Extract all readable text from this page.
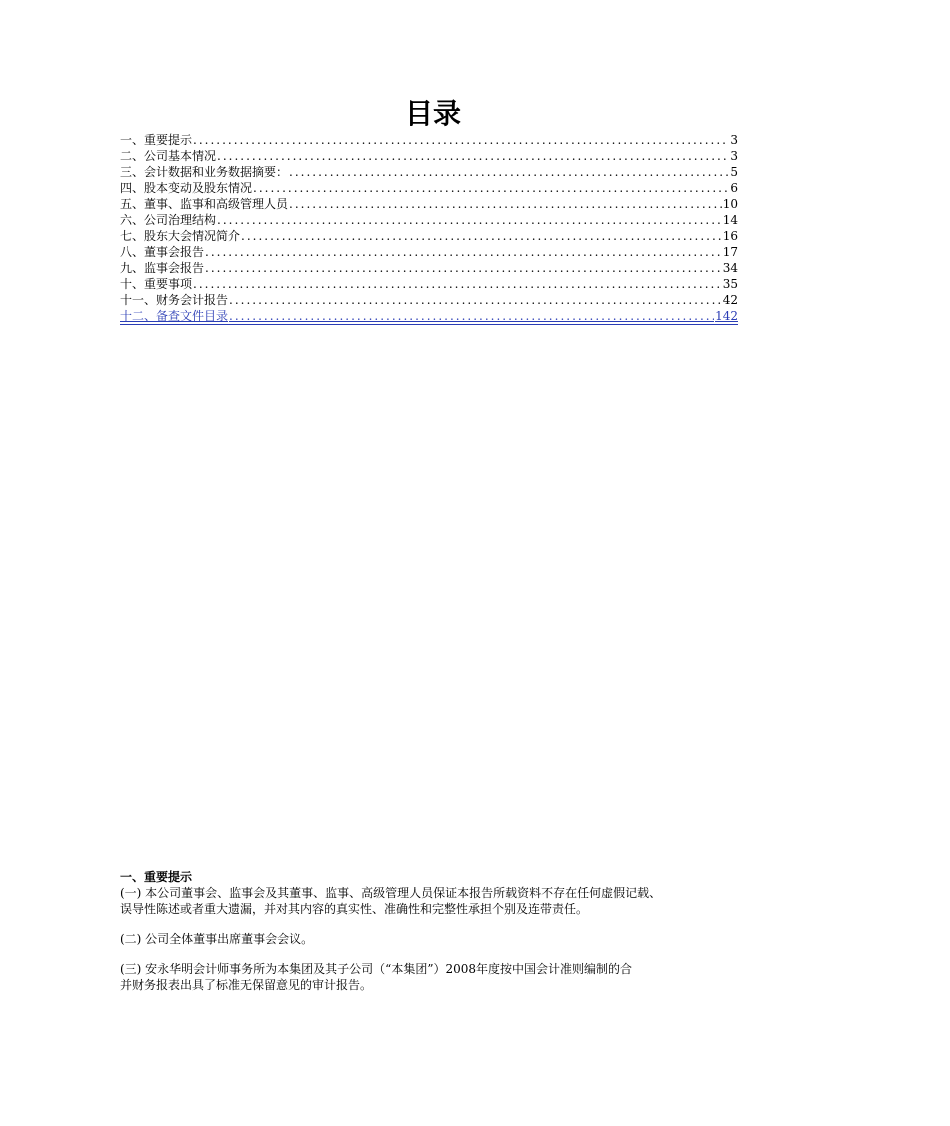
目录
一、重要提示 .....	3
二、公司基本情况 .....	3
三、会计数据和业务数据摘要： .....	5
四、股本变动及股东情况 .....	6
五、董事、监事和高级管理人员 .....	10
六、公司治理结构 .....	14
七、股东大会情况简介 .....	16
八、董事会报告 .....	17
九、监事会报告 .....	34
十、重要事项 .....	35
十一、财务会计报告 .....	42
十二、备查文件目录 .....	142
一、重要提示

(一) 本公司董事会、监事会及其董事、监事、高级管理人员保证本报告所载资料不存在任何虚假记载、
误导性陈述或者重大遗漏，并对其内容的真实性、准确性和完整性承担个别及连带责任。

(二) 公司全体董事出席董事会会议。

(三) 安永华明会计师事务所为本集团及其子公司（“本集团”）2008年度按中国会计准则编制的合
并财务报表出具了标准无保留意见的审计报告。
